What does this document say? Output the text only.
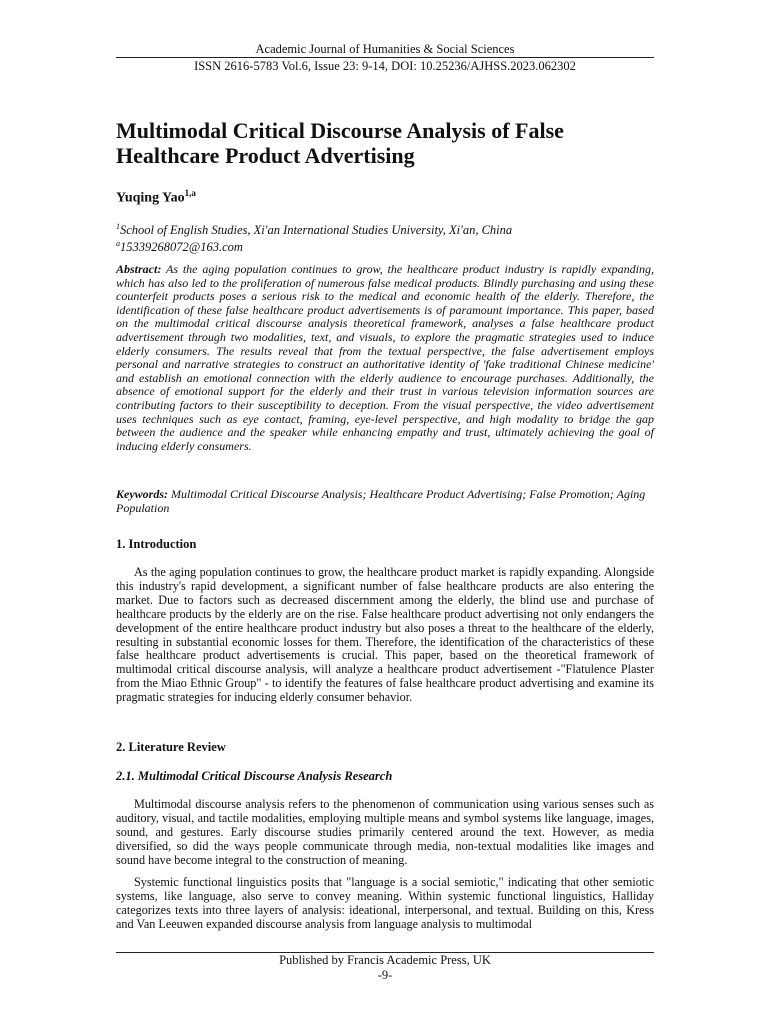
Academic Journal of Humanities & Social Sciences
ISSN 2616-5783 Vol.6, Issue 23: 9-14, DOI: 10.25236/AJHSS.2023.062302
Multimodal Critical Discourse Analysis of False Healthcare Product Advertising
Yuqing Yao$^{1,a}$
$^1$School of English Studies, Xi'an International Studies University, Xi'an, China
$^a$15339268072@163.com

Abstract: As the aging population continues to grow, the healthcare product industry is rapidly expanding, which has also led to the proliferation of numerous false medical products. Blindly purchasing and using these counterfeit products poses a serious risk to the medical and economic health of the elderly. Therefore, the identification of these false healthcare product advertisements is of paramount importance. This paper, based on the multimodal critical discourse analysis theoretical framework, analyses a false healthcare product advertisement through two modalities, text, and visuals, to explore the pragmatic strategies used to induce elderly consumers. The results reveal that from the textual perspective, the false advertisement employs personal and narrative strategies to construct an authoritative identity of 'fake traditional Chinese medicine' and establish an emotional connection with the elderly audience to encourage purchases. Additionally, the absence of emotional support for the elderly and their trust in various television information sources are contributing factors to their susceptibility to deception. From the visual perspective, the video advertisement uses techniques such as eye contact, framing, eye-level perspective, and high modality to bridge the gap between the audience and the speaker while enhancing empathy and trust, ultimately achieving the goal of inducing elderly consumers.

Keywords: Multimodal Critical Discourse Analysis; Healthcare Product Advertising; False Promotion; Aging Population

1. Introduction

As the aging population continues to grow, the healthcare product market is rapidly expanding. Alongside this industry's rapid development, a significant number of false healthcare products are also entering the market. Due to factors such as decreased discernment among the elderly, the blind use and purchase of healthcare products by the elderly are on the rise. False healthcare product advertising not only endangers the development of the entire healthcare product industry but also poses a threat to the healthcare of the elderly, resulting in substantial economic losses for them. Therefore, the identification of the characteristics of these false healthcare product advertisements is crucial. This paper, based on the theoretical framework of multimodal critical discourse analysis, will analyze a healthcare product advertisement -"Flatulence Plaster from the Miao Ethnic Group" - to identify the features of false healthcare product advertising and examine its pragmatic strategies for inducing elderly consumer behavior.

2. Literature Review
2.1. Multimodal Critical Discourse Analysis Research

Multimodal discourse analysis refers to the phenomenon of communication using various senses such as auditory, visual, and tactile modalities, employing multiple means and symbol systems like language, images, sound, and gestures. Early discourse studies primarily centered around the text. However, as media diversified, so did the ways people communicate through media, non-textual modalities like images and sound have become integral to the construction of meaning.

Systemic functional linguistics posits that "language is a social semiotic," indicating that other semiotic systems, like language, also serve to convey meaning. Within systemic functional linguistics, Halliday categorizes texts into three layers of analysis: ideational, interpersonal, and textual. Building on this, Kress and Van Leeuwen expanded discourse analysis from language analysis to multimodal

Published by Francis Academic Press, UK
-9-
